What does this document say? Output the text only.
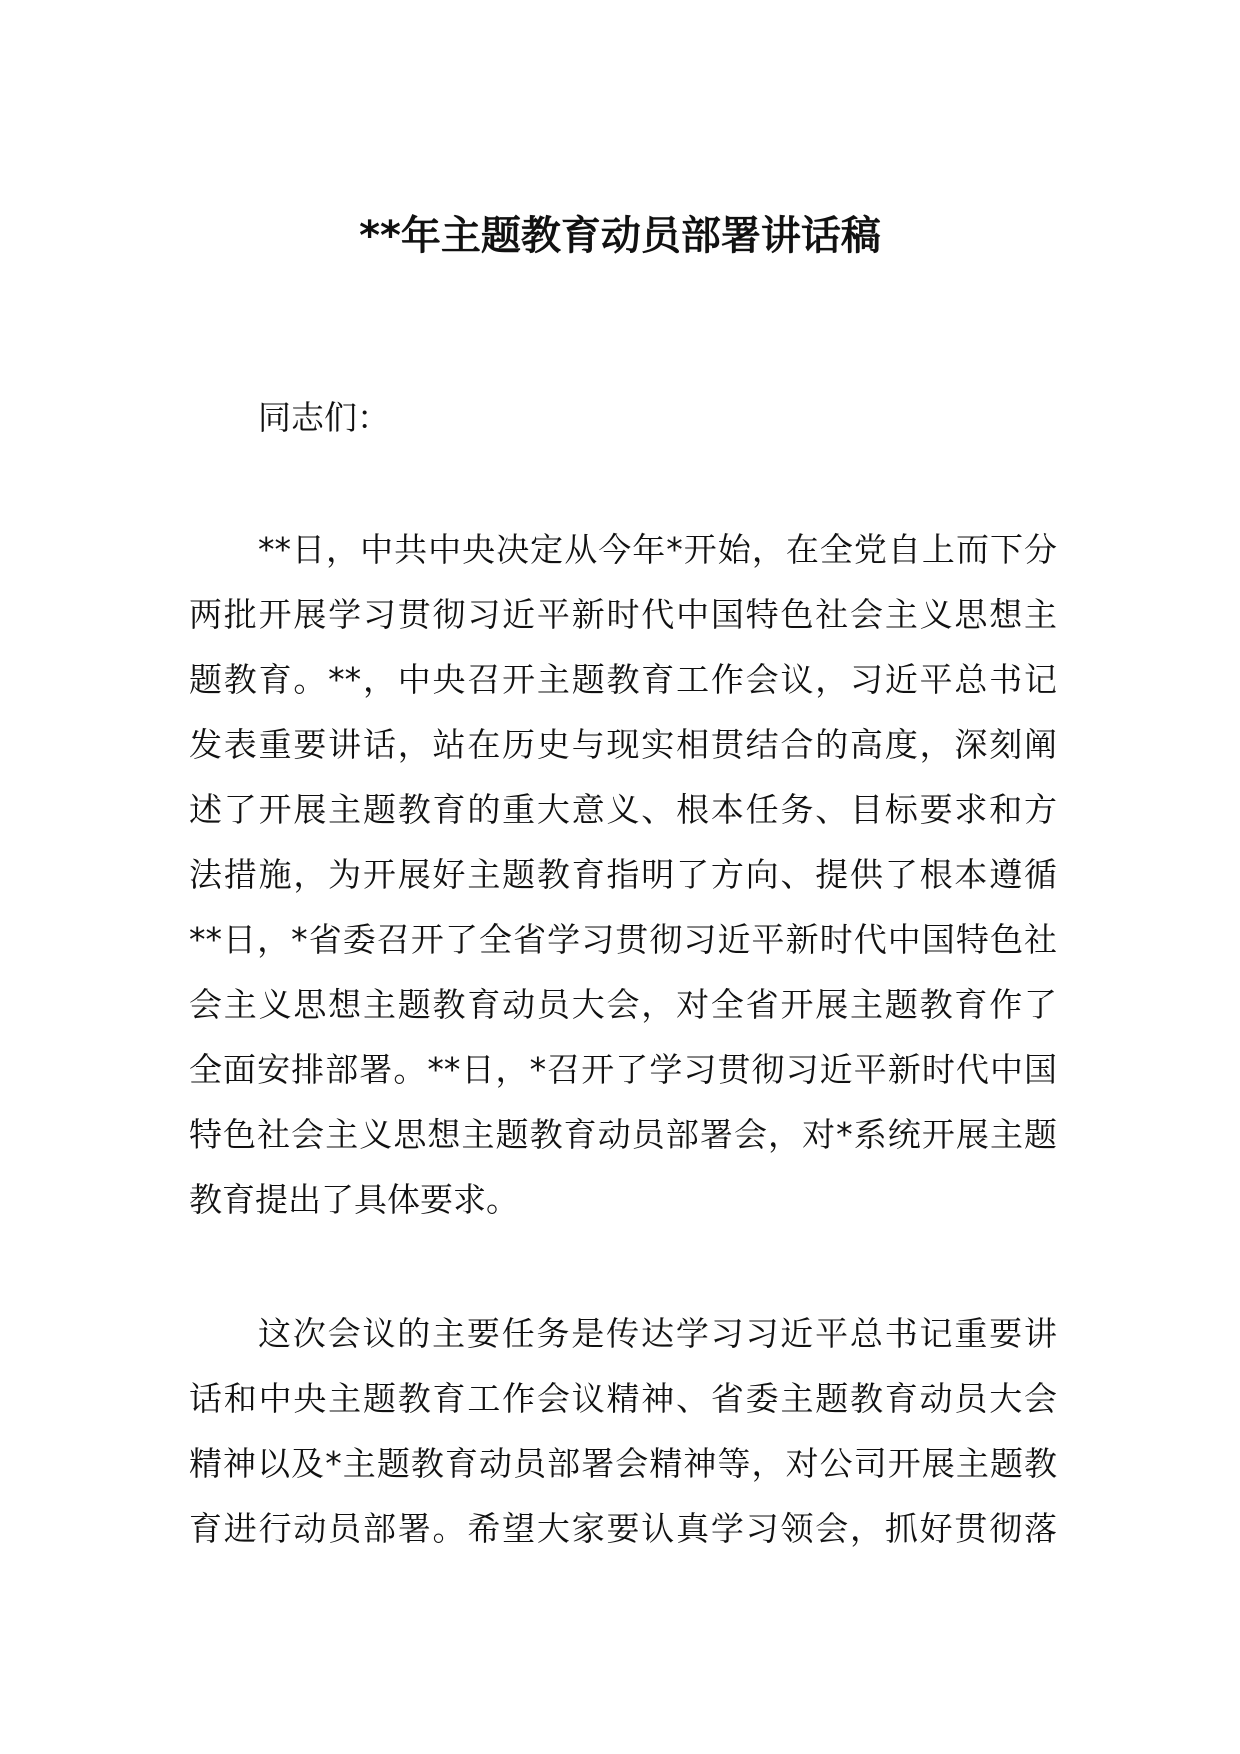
**年主题教育动员部署讲话稿
同志们：
**日，中共中央决定从今年*开始，在全党自上而下分
两批开展学习贯彻习近平新时代中国特色社会主义思想主
题教育。**，中央召开主题教育工作会议，习近平总书记
发表重要讲话，站在历史与现实相贯结合的高度，深刻阐
述了开展主题教育的重大意义、根本任务、目标要求和方
法措施，为开展好主题教育指明了方向、提供了根本遵循
**日，*省委召开了全省学习贯彻习近平新时代中国特色社
会主义思想主题教育动员大会，对全省开展主题教育作了
全面安排部署。**日，*召开了学习贯彻习近平新时代中国
特色社会主义思想主题教育动员部署会，对*系统开展主题
教育提出了具体要求。
这次会议的主要任务是传达学习习近平总书记重要讲
话和中央主题教育工作会议精神、省委主题教育动员大会
精神以及*主题教育动员部署会精神等，对公司开展主题教
育进行动员部署。希望大家要认真学习领会，抓好贯彻落
